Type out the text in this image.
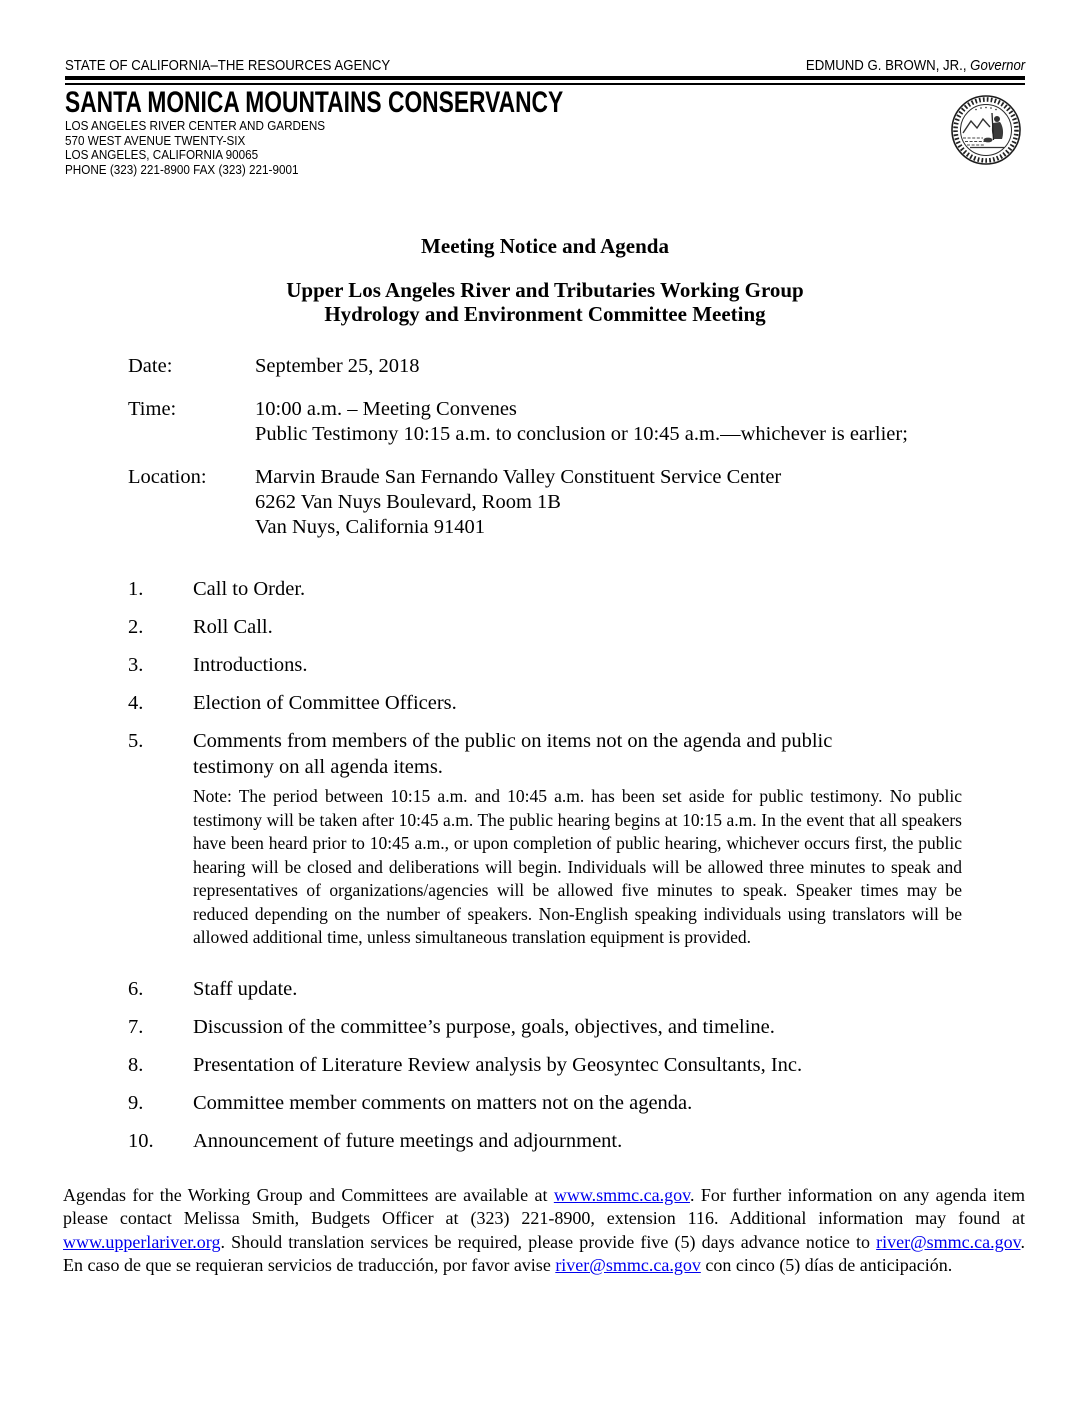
STATE OF CALIFORNIA–THE RESOURCES AGENCY	EDMUND G. BROWN, JR., Governor
SANTA MONICA MOUNTAINS CONSERVANCY
LOS ANGELES RIVER CENTER AND GARDENS
570 WEST AVENUE TWENTY-SIX
LOS ANGELES, CALIFORNIA 90065
PHONE (323) 221-8900 FAX (323) 221-9001
Meeting Notice and Agenda
Upper Los Angeles River and Tributaries Working Group
Hydrology and Environment Committee Meeting
Date:	September 25, 2018
Time:	10:00 a.m. – Meeting Convenes
Public Testimony 10:15 a.m. to conclusion or 10:45 a.m.—whichever is earlier;
Location:	Marvin Braude San Fernando Valley Constituent Service Center
6262 Van Nuys Boulevard, Room 1B
Van Nuys, California 91401
1.	Call to Order.
2.	Roll Call.
3.	Introductions.
4.	Election of Committee Officers.
5.	Comments from members of the public on items not on the agenda and public testimony on all agenda items.
Note: The period between 10:15 a.m. and 10:45 a.m. has been set aside for public testimony. No public testimony will be taken after 10:45 a.m. The public hearing begins at 10:15 a.m. In the event that all speakers have been heard prior to 10:45 a.m., or upon completion of public hearing, whichever occurs first, the public hearing will be closed and deliberations will begin. Individuals will be allowed three minutes to speak and representatives of organizations/agencies will be allowed five minutes to speak. Speaker times may be reduced depending on the number of speakers. Non-English speaking individuals using translators will be allowed additional time, unless simultaneous translation equipment is provided.
6.	Staff update.
7.	Discussion of the committee’s purpose, goals, objectives, and timeline.
8.	Presentation of Literature Review analysis by Geosyntec Consultants, Inc.
9.	Committee member comments on matters not on the agenda.
10.	Announcement of future meetings and adjournment.
Agendas for the Working Group and Committees are available at www.smmc.ca.gov. For further information on any agenda item please contact Melissa Smith, Budgets Officer at (323) 221-8900, extension 116. Additional information may found at www.upperlariver.org. Should translation services be required, please provide five (5) days advance notice to river@smmc.ca.gov. En caso de que se requieran servicios de traducción, por favor avise river@smmc.ca.gov con cinco (5) días de anticipación.
